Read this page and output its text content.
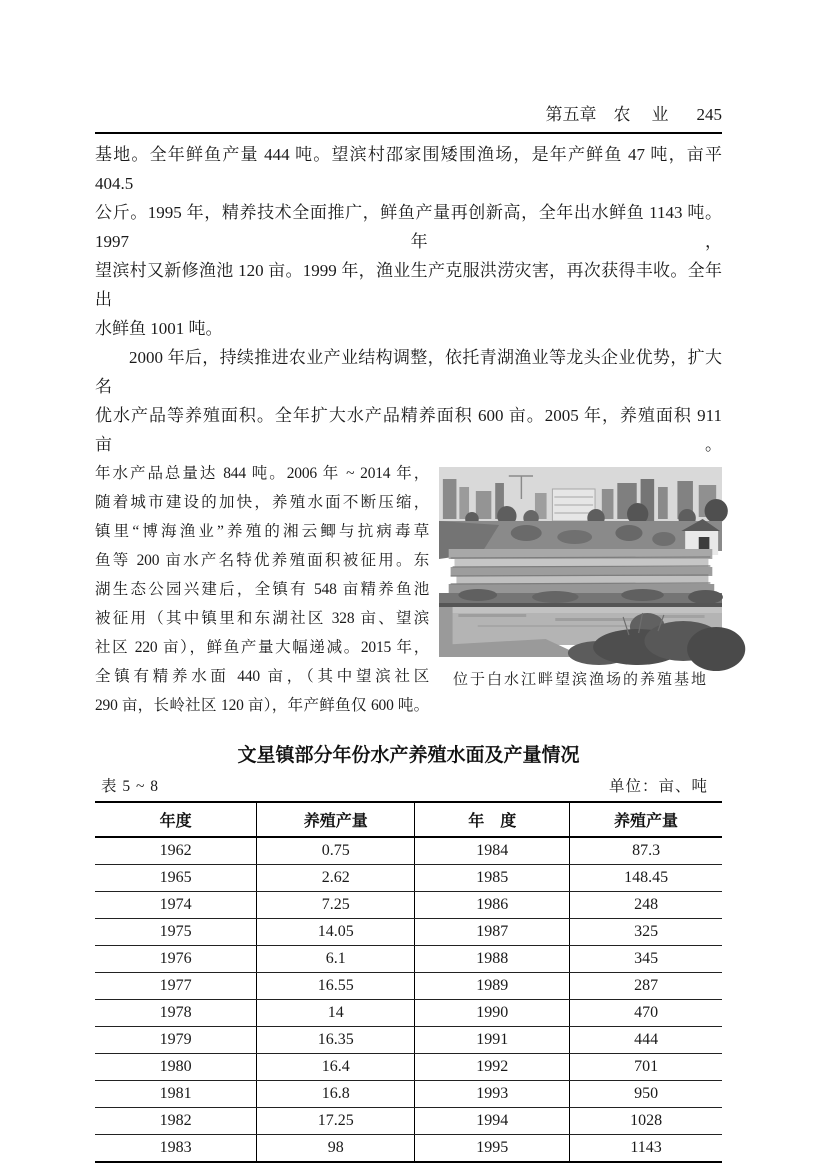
第五章 农　业 245
基地。全年鲜鱼产量 444 吨。望滨村邵家围矮围渔场，是年产鲜鱼 47 吨，亩平 404.5
公斤。1995 年，精养技术全面推广，鲜鱼产量再创新高，全年出水鲜鱼 1143 吨。1997 年，
望滨村又新修渔池 120 亩。1999 年，渔业生产克服洪涝灾害，再次获得丰收。全年出
水鲜鱼 1001 吨。
2000 年后，持续推进农业产业结构调整，依托青湖渔业等龙头企业优势，扩大名
优水产品等养殖面积。全年扩大水产品精养面积 600 亩。2005 年，养殖面积 911 亩。
年水产品总量达 844 吨。2006 年 ~ 2014 年，
随着城市建设的加快，养殖水面不断压缩，
镇里“博海渔业”养殖的湘云鲫与抗病毒草
鱼等 200 亩水产名特优养殖面积被征用。东
湖生态公园兴建后，全镇有 548 亩精养鱼池
被征用（其中镇里和东湖社区 328 亩、望滨
社区 220 亩），鲜鱼产量大幅递减。2015 年，
全镇有精养水面 440 亩，（其中望滨社区
290 亩，长岭社区 120 亩），年产鲜鱼仅 600 吨。
位于白水江畔望滨渔场的养殖基地
文星镇部分年份水产养殖水面及产量情况
表 5 ~ 8	单位：亩、吨
年度	养殖产量	年　度	养殖产量
1962	0.75	1984	87.3
1965	2.62	1985	148.45
1974	7.25	1986	248
1975	14.05	1987	325
1976	6.1	1988	345
1977	16.55	1989	287
1978	14	1990	470
1979	16.35	1991	444
1980	16.4	1992	701
1981	16.8	1993	950
1982	17.25	1994	1028
1983	98	1995	1143
